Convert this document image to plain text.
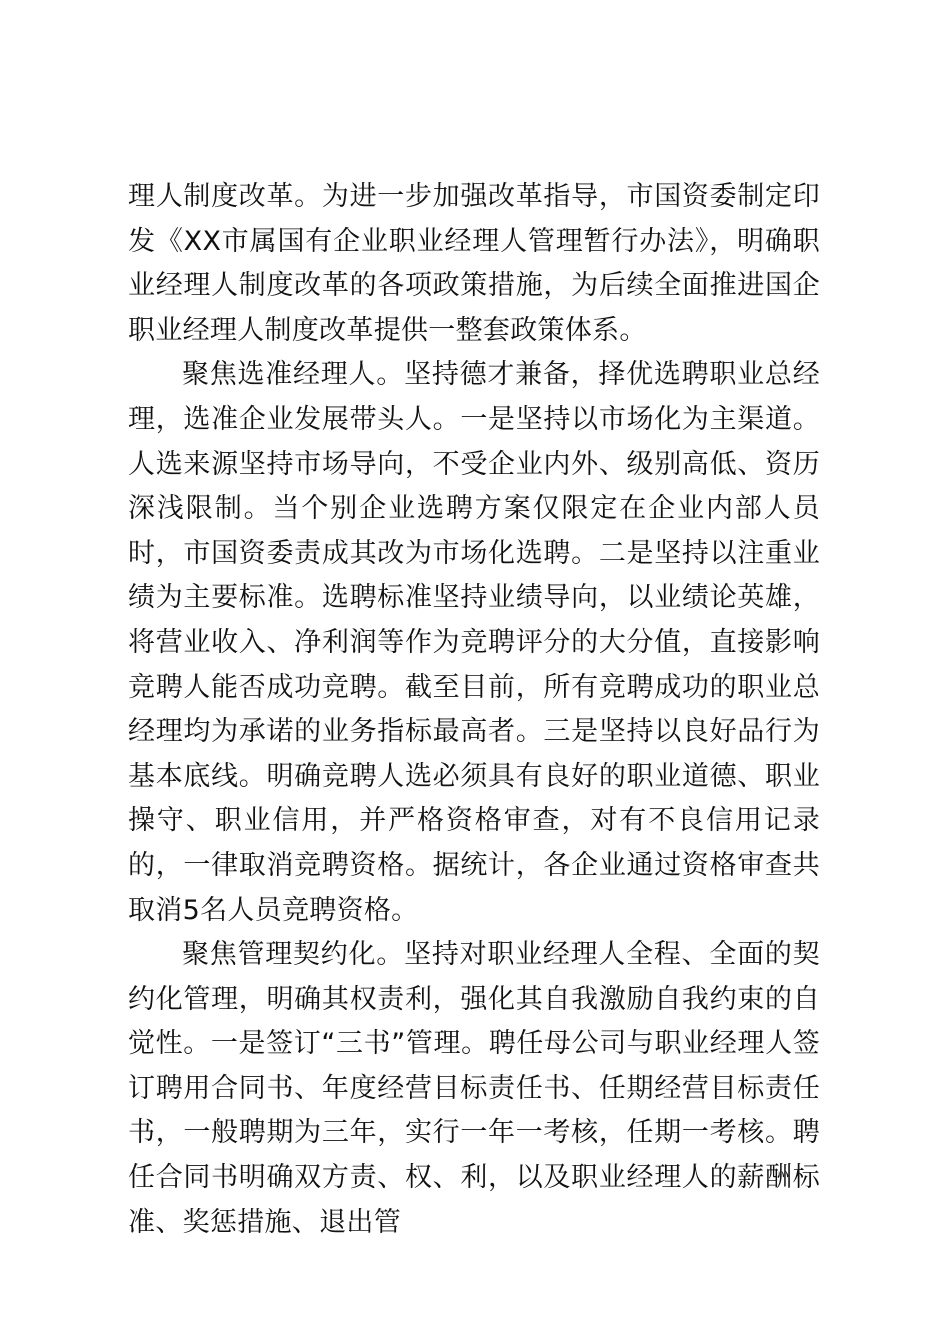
理人制度改革。为进一步加强改革指导，市国资委制定印发《XX市属国有企业职业经理人管理暂行办法》，明确职业经理人制度改革的各项政策措施，为后续全面推进国企职业经理人制度改革提供一整套政策体系。

聚焦选准经理人。坚持德才兼备，择优选聘职业总经理，选准企业发展带头人。一是坚持以市场化为主渠道。人选来源坚持市场导向，不受企业内外、级别高低、资历深浅限制。当个别企业选聘方案仅限定在企业内部人员时，市国资委责成其改为市场化选聘。二是坚持以注重业绩为主要标准。选聘标准坚持业绩导向，以业绩论英雄，将营业收入、净利润等作为竞聘评分的大分值，直接影响竞聘人能否成功竞聘。截至目前，所有竞聘成功的职业总经理均为承诺的业务指标最高者。三是坚持以良好品行为基本底线。明确竞聘人选必须具有良好的职业道德、职业操守、职业信用，并严格资格审查，对有不良信用记录的，一律取消竞聘资格。据统计，各企业通过资格审查共取消5名人员竞聘资格。

聚焦管理契约化。坚持对职业经理人全程、全面的契约化管理，明确其权责利，强化其自我激励自我约束的自觉性。一是签订“三书”管理。聘任母公司与职业经理人签订聘用合同书、年度经营目标责任书、任期经营目标责任书，一般聘期为三年，实行一年一考核，任期一考核。聘任合同书明确双方责、权、利，以及职业经理人的薪酬标准、奖惩措施、退出管
